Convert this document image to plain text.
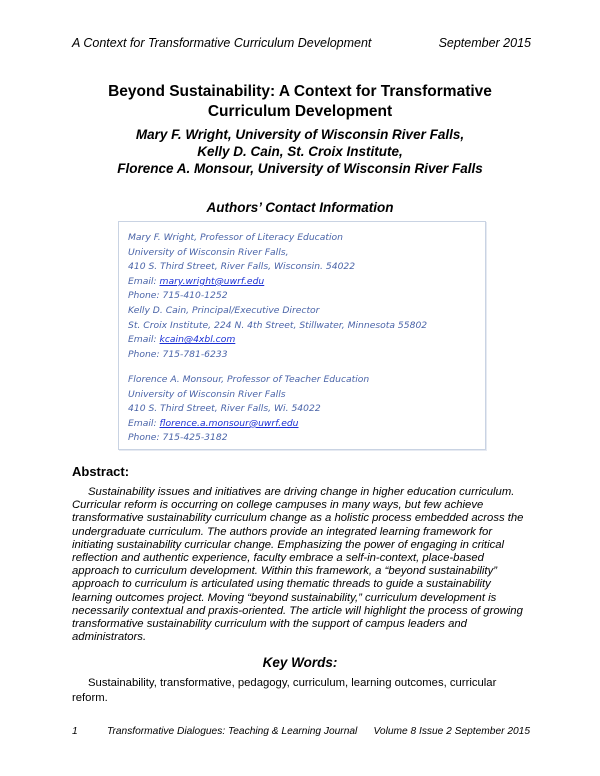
A Context for Transformative Curriculum Development	September 2015
Beyond Sustainability: A Context for Transformative
Curriculum Development
Mary F. Wright, University of Wisconsin River Falls,
Kelly D. Cain, St. Croix Institute,
Florence A. Monsour, University of Wisconsin River Falls
Authors’ Contact Information
Mary F. Wright, Professor of Literacy Education
University of Wisconsin River Falls,
410 S. Third Street, River Falls, Wisconsin. 54022
Email: mary.wright@uwrf.edu
Phone: 715-410-1252
Kelly D. Cain, Principal/Executive Director
St. Croix Institute, 224 N. 4th Street, Stillwater, Minnesota 55802
Email: kcain@4xbl.com
Phone: 715-781-6233
Florence A. Monsour, Professor of Teacher Education
University of Wisconsin River Falls
410 S. Third Street, River Falls, Wi. 54022
Email: florence.a.monsour@uwrf.edu
Phone: 715-425-3182
Abstract:

Sustainability issues and initiatives are driving change in higher education curriculum. Curricular reform is occurring on college campuses in many ways, but few achieve transformative sustainability curriculum change as a holistic process embedded across the undergraduate curriculum. The authors provide an integrated learning framework for initiating sustainability curricular change. Emphasizing the power of engaging in critical reflection and authentic experience, faculty embrace a self-in-context, place-based approach to curriculum development. Within this framework, a “beyond sustainability” approach to curriculum is articulated using thematic threads to guide a sustainability learning outcomes project. Moving “beyond sustainability,” curriculum development is necessarily contextual and praxis-oriented. The article will highlight the process of growing transformative sustainability curriculum with the support of campus leaders and administrators.

Key Words:

Sustainability, transformative, pedagogy, curriculum, learning outcomes, curricular reform.

1	Transformative Dialogues: Teaching & Learning Journal Volume 8 Issue 2 September 2015
